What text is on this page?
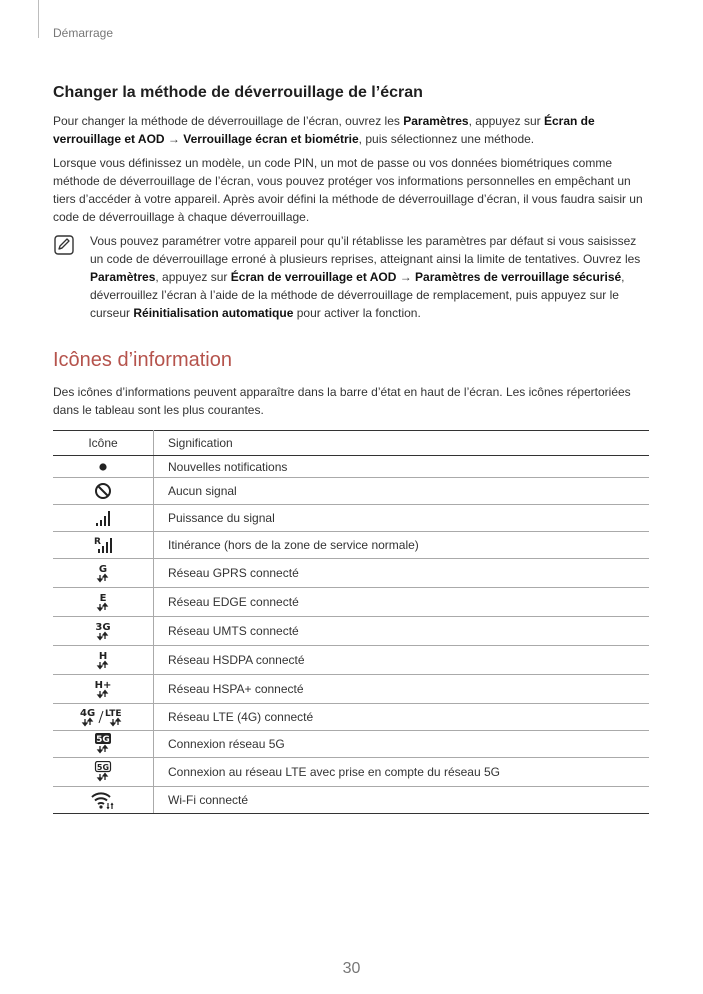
Démarrage
Changer la méthode de déverrouillage de l’écran

Pour changer la méthode de déverrouillage de l’écran, ouvrez les Paramètres, appuyez sur Écran de verrouillage et AOD → Verrouillage écran et biométrie, puis sélectionnez une méthode.

Lorsque vous définissez un modèle, un code PIN, un mot de passe ou vos données biométriques comme méthode de déverrouillage de l’écran, vous pouvez protéger vos informations personnelles en empêchant un tiers d’accéder à votre appareil. Après avoir défini la méthode de déverrouillage d’écran, il vous faudra saisir un code de déverrouillage à chaque déverrouillage.

Vous pouvez paramétrer votre appareil pour qu’il rétablisse les paramètres par défaut si vous saisissez un code de déverrouillage erroné à plusieurs reprises, atteignant ainsi la limite de tentatives. Ouvrez les Paramètres, appuyez sur Écran de verrouillage et AOD → Paramètres de verrouillage sécurisé, déverrouillez l’écran à l’aide de la méthode de déverrouillage de remplacement, puis appuyez sur le curseur Réinitialisation automatique pour activer la fonction.

Icônes d’information

Des icônes d’informations peuvent apparaître dans la barre d’état en haut de l’écran. Les icônes répertoriées dans le tableau sont les plus courantes.

Icône	Signification

	Nouvelles notifications

	Aucun signal

	Puissance du signal

R	Itinérance (hors de la zone de service normale)

G	Réseau GPRS connecté

E	Réseau EDGE connecté

3G	Réseau UMTS connecté

H	Réseau HSDPA connecté

H+	Réseau HSPA+ connecté

4G LTE	Réseau LTE (4G) connecté

5G	Connexion réseau 5G

5G	Connexion au réseau LTE avec prise en compte du réseau 5G

	Wi-Fi connecté
30
